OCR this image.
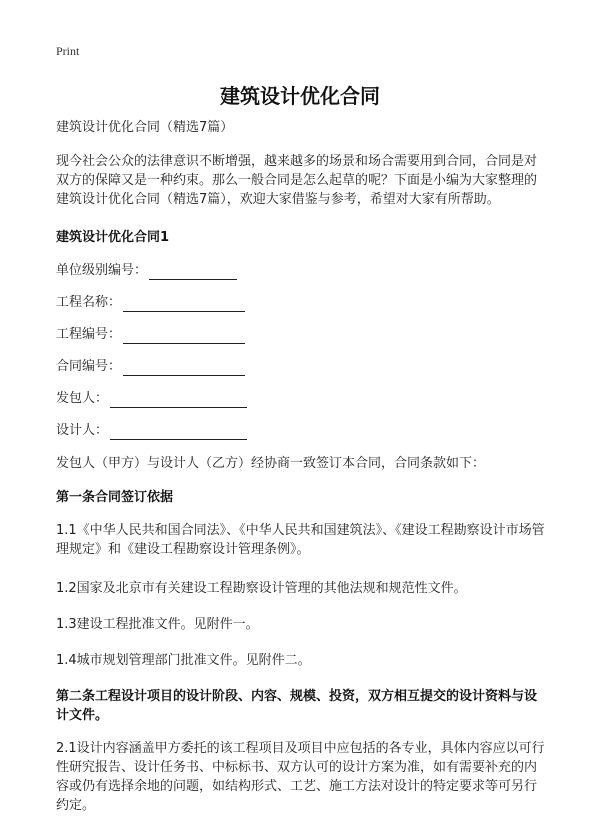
Print
建筑设计优化合同

建筑设计优化合同（精选7篇）

现今社会公众的法律意识不断增强，越来越多的场景和场合需要用到合同，合同是对双方的保障又是一种约束。那么一般合同是怎么起草的呢？下面是小编为大家整理的建筑设计优化合同（精选7篇），欢迎大家借鉴与参考，希望对大家有所帮助。

建筑设计优化合同1

单位级别编号：
工程名称：
工程编号：
合同编号：
发包人：
设计人：

发包人（甲方）与设计人（乙方）经协商一致签订本合同，合同条款如下：

第一条合同签订依据

1.1《中华人民共和国合同法》、《中华人民共和国建筑法》、《建设工程勘察设计市场管理规定》和《建设工程勘察设计管理条例》。

1.2国家及北京市有关建设工程勘察设计管理的其他法规和规范性文件。

1.3建设工程批准文件。见附件一。

1.4城市规划管理部门批准文件。见附件二。

第二条工程设计项目的设计阶段、内容、规模、投资，双方相互提交的设计资料与设计文件。

2.1设计内容涵盖甲方委托的该工程项目及项目中应包括的各专业，具体内容应以可行性研究报告、设计任务书、中标标书、双方认可的设计方案为准，如有需要补充的内容或仍有选择余地的问题，如结构形式、工艺、施工方法对设计的特定要求等可另行约定。
